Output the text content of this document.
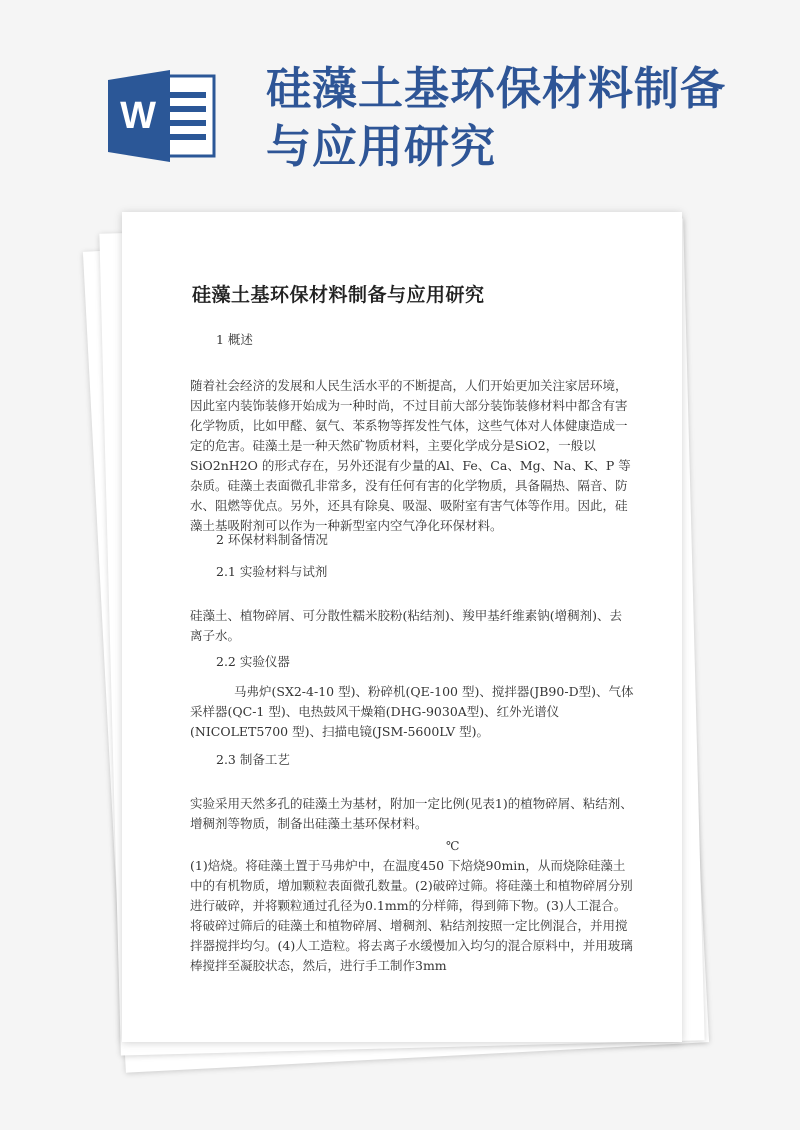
W
硅藻土基环保材料制备与应用研究
硅藻土基环保材料制备与应用研究

1 概述

随着社会经济的发展和人民生活水平的不断提高，人们开始更加关注家居环境，因此室内装饰装修开始成为一种时尚，不过目前大部分装饰装修材料中都含有害化学物质，比如甲醛、氨气、苯系物等挥发性气体，这些气体对人体健康造成一定的危害。硅藻土是一种天然矿物质材料，主要化学成分是SiO2，一般以SiO2nH2O 的形式存在，另外还混有少量的Al、Fe、Ca、Mg、Na、K、P 等杂质。硅藻土表面微孔非常多，没有任何有害的化学物质，具备隔热、隔音、防水、阻燃等优点。另外，还具有除臭、吸湿、吸附室有害气体等作用。因此，硅藻土基吸附剂可以作为一种新型室内空气净化环保材料。

2 环保材料制备情况

2.1 实验材料与试剂

硅藻土、植物碎屑、可分散性糯米胶粉(粘结剂)、羧甲基纤维素钠(增稠剂)、去离子水。

2.2 实验仪器

马弗炉(SX2-4-10 型)、粉碎机(QE-100 型)、搅拌器(JB90-D型)、气体采样器(QC-1 型)、电热鼓风干燥箱(DHG-9030A型)、红外光谱仪(NICOLET5700 型)、扫描电镜(JSM-5600LV 型)。

2.3 制备工艺

实验采用天然多孔的硅藻土为基材，附加一定比例(见表1)的植物碎屑、粘结剂、增稠剂等物质，制备出硅藻土基环保材料。

℃

(1)焙烧。将硅藻土置于马弗炉中，在温度450 下焙烧90min，从而烧除硅藻土中的有机物质，增加颗粒表面微孔数量。(2)破碎过筛。将硅藻土和植物碎屑分别进行破碎，并将颗粒通过孔径为0.1mm的分样筛，得到筛下物。(3)人工混合。将破碎过筛后的硅藻土和植物碎屑、增稠剂、粘结剂按照一定比例混合，并用搅拌器搅拌均匀。(4)人工造粒。将去离子水缓慢加入均匀的混合原料中，并用玻璃棒搅拌至凝胶状态，然后，进行手工制作3mm
